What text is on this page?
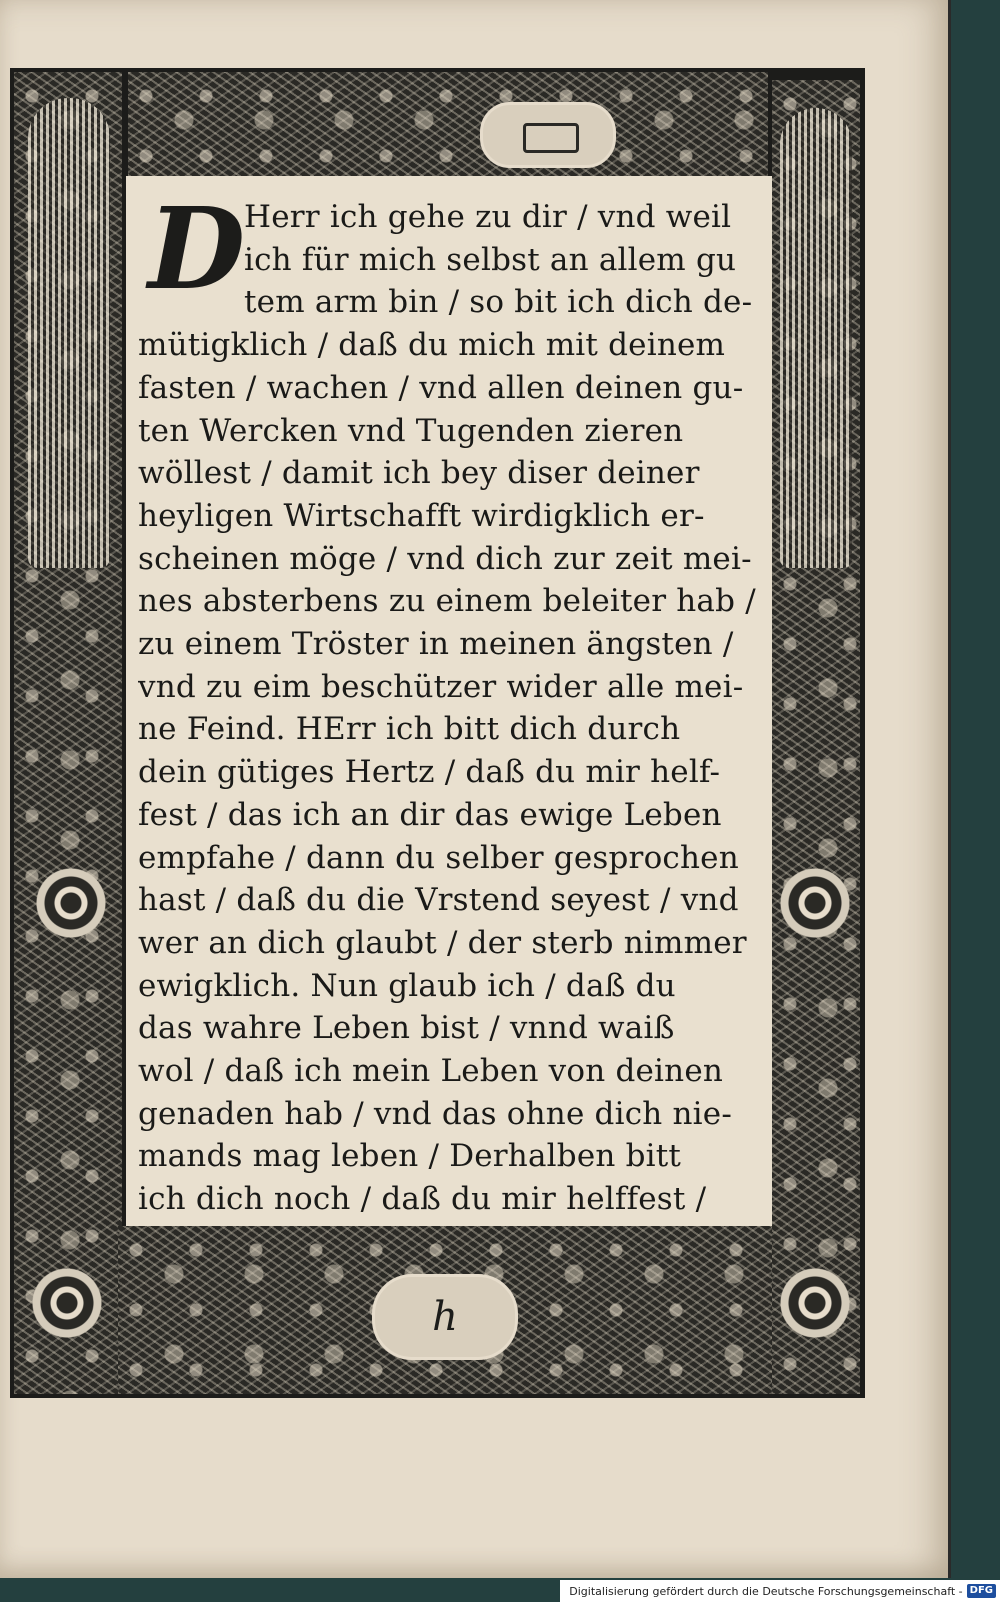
h
D
Herr ich gehe zu dir / vnd weil
ich für mich selbst an allem gu
tem arm bin / so bit ich dich de-
mütigklich / daß du mich mit deinem
fasten / wachen / vnd allen deinen gu-
ten Wercken vnd Tugenden zieren
wöllest / damit ich bey diser deiner
heyligen Wirtschafft wirdigklich er-
scheinen möge / vnd dich zur zeit mei-
nes absterbens zu einem beleiter hab /
zu einem Tröster in meinen ängsten /
vnd zu eim beschützer wider alle mei-
ne Feind. HErr ich bitt dich durch
dein gütiges Hertz / daß du mir helf-
fest / das ich an dir das ewige Leben
empfahe / dann du selber gesprochen
hast / daß du die Vrstend seyest / vnd
wer an dich glaubt / der sterb nimmer
ewigklich. Nun glaub ich / daß du
das wahre Leben bist / vnnd waiß
wol / daß ich mein Leben von deinen
genaden hab / vnd das ohne dich nie-
mands mag leben / Derhalben bitt
ich dich noch / daß du mir helffest /
Digitalisierung gefördert durch die Deutsche Forschungsgemeinschaft - DFG
